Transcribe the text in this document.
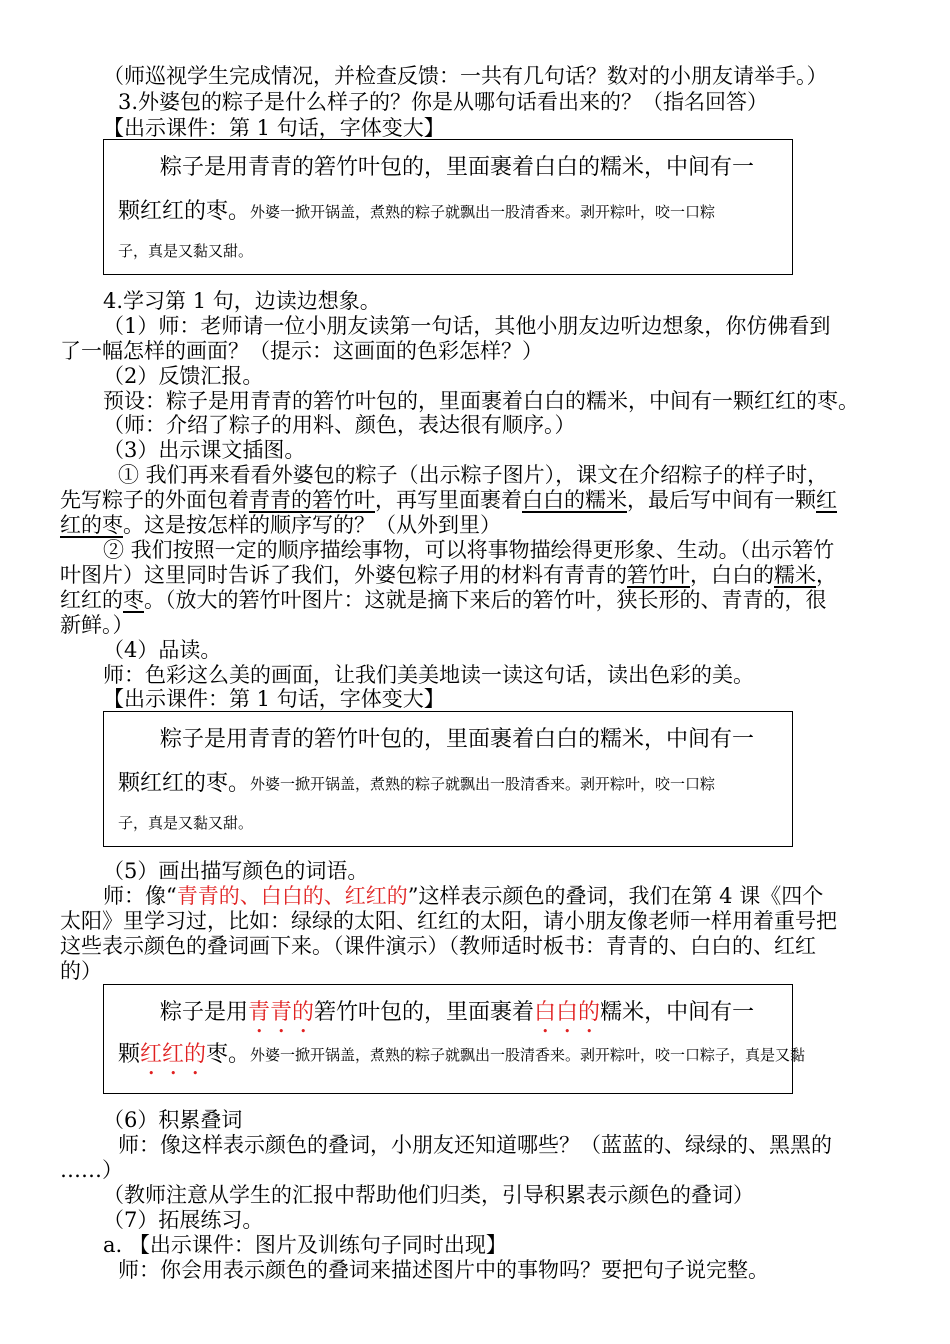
（师巡视学生完成情况，并检查反馈：一共有几句话？数对的小朋友请举手。）
3.外婆包的粽子是什么样子的？你是从哪句话看出来的？（指名回答）
【出示课件：第 1 句话，字体变大】
粽子是用青青的箬竹叶包的，里面裹着白白的糯米，中间有一
颗红红的枣。 外婆一掀开锅盖，煮熟的粽子就飘出一股清香来。剥开粽叶，咬一口粽
子，真是又黏又甜。
4.学习第 1 句，边读边想象。
（1）师：老师请一位小朋友读第一句话，其他小朋友边听边想象，你仿佛看到
了一幅怎样的画面？（提示：这画面的色彩怎样？）
（2）反馈汇报。
预设：粽子是用青青的箬竹叶包的，里面裹着白白的糯米，中间有一颗红红的枣。
（师：介绍了粽子的用料、颜色，表达很有顺序。）
（3）出示课文插图。
① 我们再来看看外婆包的粽子（出示粽子图片），课文在介绍粽子的样子时，
先写粽子的外面包着青青的箬竹叶，再写里面裹着白白的糯米，最后写中间有一颗红
红的枣。这是按怎样的顺序写的？（从外到里）
② 我们按照一定的顺序描绘事物，可以将事物描绘得更形象、生动。（出示箬竹
叶图片）这里同时告诉了我们，外婆包粽子用的材料有青青的箬竹叶，白白的糯米，
红红的枣。（放大的箬竹叶图片：这就是摘下来后的箬竹叶，狭长形的、青青的，很
新鲜。）
（4）品读。
师：色彩这么美的画面，让我们美美地读一读这句话，读出色彩的美。
【出示课件：第 1 句话，字体变大】
粽子是用青青的箬竹叶包的，里面裹着白白的糯米，中间有一
颗红红的枣。 外婆一掀开锅盖，煮熟的粽子就飘出一股清香来。剥开粽叶，咬一口粽
子，真是又黏又甜。
（5）画出描写颜色的词语。
师：像“青青的、白白的、红红的”这样表示颜色的叠词，我们在第 4 课《四个
太阳》里学习过，比如：绿绿的太阳、红红的太阳，请小朋友像老师一样用着重号把
这些表示颜色的叠词画下来。（课件演示）（教师适时板书：青青的、白白的、红红
的）
粽子是用青青的箬竹叶包的，里面裹着白白的糯米，中间有一
颗红红的枣。 外婆一掀开锅盖，煮熟的粽子就飘出一股清香来。剥开粽叶，咬一口粽子，真是又黏
（6）积累叠词
师：像这样表示颜色的叠词，小朋友还知道哪些？（蓝蓝的、绿绿的、黑黑的
……）
（教师注意从学生的汇报中帮助他们归类，引导积累表示颜色的叠词）
（7）拓展练习。
a. 【出示课件：图片及训练句子同时出现】
师：你会用表示颜色的叠词来描述图片中的事物吗？要把句子说完整。
